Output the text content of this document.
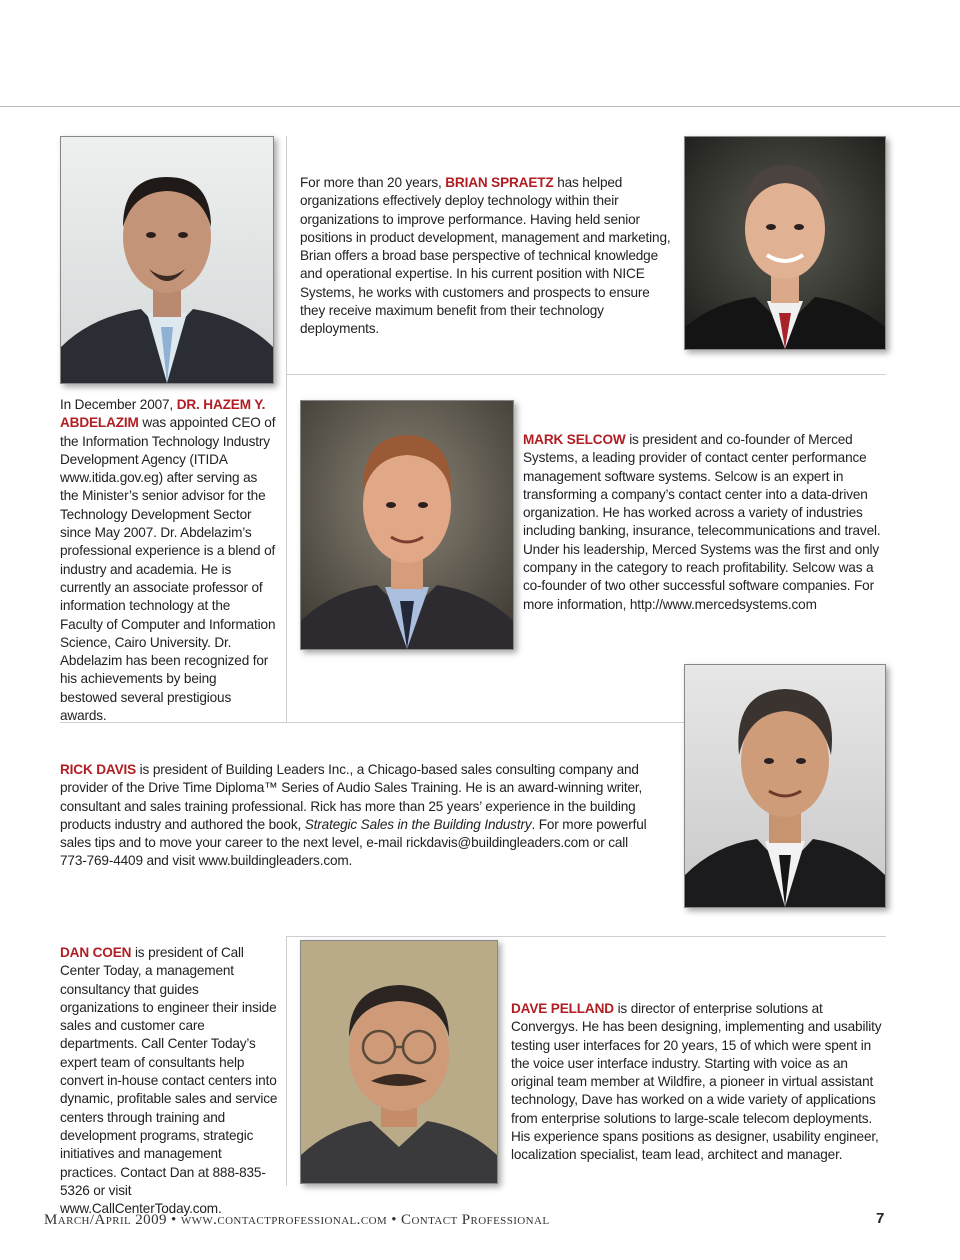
For more than 20 years, BRIAN SPRAETZ has helped organizations effectively deploy technology within their organizations to improve performance. Having held senior positions in product development, management and marketing, Brian offers a broad base perspective of technical knowledge and operational expertise. In his current position with NICE Systems, he works with customers and prospects to ensure they receive maximum benefit from their technology deployments.
In December 2007, DR. HAZEM Y. ABDELAZIM was appointed CEO of the Information Technology Industry Development Agency (ITIDA www.itida.gov.eg) after serving as the Minister’s senior advisor for the Technology Development Sector since May 2007. Dr. Abdelazim’s professional experience is a blend of industry and academia. He is currently an associate professor of information technology at the Faculty of Computer and Information Science, Cairo University. Dr. Abdelazim has been recognized for his achievements by being bestowed several prestigious awards.
MARK SELCOW is president and co-founder of Merced Systems, a leading provider of contact center performance management software systems. Selcow is an expert in transforming a company’s contact center into a data-driven organization. He has worked across a variety of industries including banking, insurance, telecommunications and travel. Under his leadership, Merced Systems was the first and only company in the category to reach profitability. Selcow was a co-founder of two other successful software companies. For more information, http://www.mercedsystems.com
RICK DAVIS is president of Building Leaders Inc., a Chicago-based sales consulting company and provider of the Drive Time Diploma™ Series of Audio Sales Training. He is an award-winning writer, consultant and sales training professional. Rick has more than 25 years’ experience in the building products industry and authored the book, Strategic Sales in the Building Industry. For more powerful sales tips and to move your career to the next level, e-mail rickdavis@buildingleaders.com or call 773-769-4409 and visit www.buildingleaders.com.
DAN COEN is president of Call Center Today, a management consultancy that guides organizations to engineer their inside sales and customer care departments. Call Center Today’s expert team of consultants help convert in-house contact centers into dynamic, profitable sales and service centers through training and development programs, strategic initiatives and management practices. Contact Dan at 888-835-5326 or visit www.CallCenterToday.com.
DAVE PELLAND is director of enterprise solutions at Convergys. He has been designing, implementing and usability testing user interfaces for 20 years, 15 of which were spent in the voice user interface industry. Starting with voice as an original team member at Wildfire, a pioneer in virtual assistant technology, Dave has worked on a wide variety of applications from enterprise solutions to large-scale telecom deployments. His experience spans positions as designer, usability engineer, localization specialist, team lead, architect and manager.
March/April 2009 • www.contactprofessional.com • Contact Professional	7
